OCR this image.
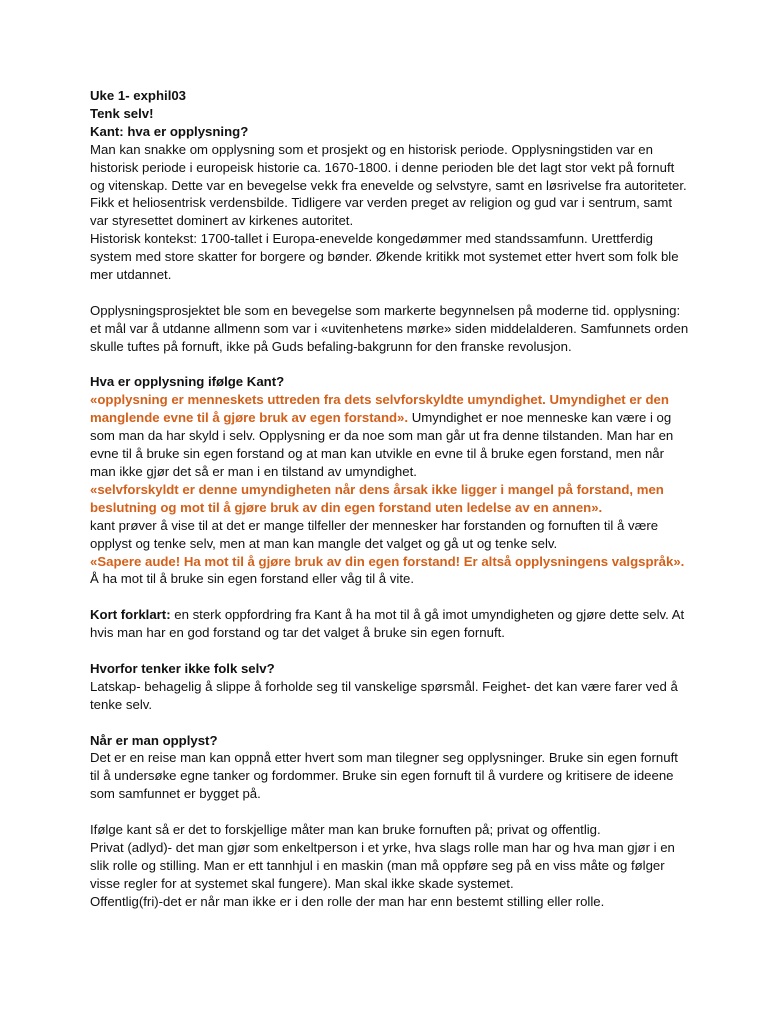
Uke 1- exphil03

Tenk selv!

Kant: hva er opplysning?

Man kan snakke om opplysning som et prosjekt og en historisk periode. Opplysningstiden var en historisk periode i europeisk historie ca. 1670-1800. i denne perioden ble det lagt stor vekt på fornuft og vitenskap. Dette var en bevegelse vekk fra enevelde og selvstyre, samt en løsrivelse fra autoriteter. Fikk et heliosentrisk verdensbilde. Tidligere var verden preget av religion og gud var i sentrum, samt var styresettet dominert av kirkenes autoritet.

Historisk kontekst: 1700-tallet i Europa-enevelde kongedømmer med standssamfunn. Urettferdig system med store skatter for borgere og bønder. Økende kritikk mot systemet etter hvert som folk ble mer utdannet.

Opplysningsprosjektet ble som en bevegelse som markerte begynnelsen på moderne tid. opplysning: et mål var å utdanne allmenn som var i «uvitenhetens mørke» siden middelalderen. Samfunnets orden skulle tuftes på fornuft, ikke på Guds befaling-bakgrunn for den franske revolusjon.

Hva er opplysning ifølge Kant?

«opplysning er menneskets uttreden fra dets selvforskyldte umyndighet. Umyndighet er den manglende evne til å gjøre bruk av egen forstand». Umyndighet er noe menneske kan være i og som man da har skyld i selv. Opplysning er da noe som man går ut fra denne tilstanden. Man har en evne til å bruke sin egen forstand og at man kan utvikle en evne til å bruke egen forstand, men når man ikke gjør det så er man i en tilstand av umyndighet.

«selvforskyldt er denne umyndigheten når dens årsak ikke ligger i mangel på forstand, men beslutning og mot til å gjøre bruk av din egen forstand uten ledelse av en annen».

kant prøver å vise til at det er mange tilfeller der mennesker har forstanden og fornuften til å være opplyst og tenke selv, men at man kan mangle det valget og gå ut og tenke selv.

«Sapere aude! Ha mot til å gjøre bruk av din egen forstand! Er altså opplysningens valgspråk». Å ha mot til å bruke sin egen forstand eller våg til å vite.

Kort forklart: en sterk oppfordring fra Kant å ha mot til å gå imot umyndigheten og gjøre dette selv. At hvis man har en god forstand og tar det valget å bruke sin egen fornuft.

Hvorfor tenker ikke folk selv?

Latskap- behagelig å slippe å forholde seg til vanskelige spørsmål. Feighet- det kan være farer ved å tenke selv.

Når er man opplyst?

Det er en reise man kan oppnå etter hvert som man tilegner seg opplysninger. Bruke sin egen fornuft til å undersøke egne tanker og fordommer. Bruke sin egen fornuft til å vurdere og kritisere de ideene som samfunnet er bygget på.

Ifølge kant så er det to forskjellige måter man kan bruke fornuften på; privat og offentlig.

Privat (adlyd)- det man gjør som enkeltperson i et yrke, hva slags rolle man har og hva man gjør i en slik rolle og stilling. Man er ett tannhjul i en maskin (man må oppføre seg på en viss måte og følger visse regler for at systemet skal fungere). Man skal ikke skade systemet.

Offentlig(fri)-det er når man ikke er i den rolle der man har enn bestemt stilling eller rolle.
